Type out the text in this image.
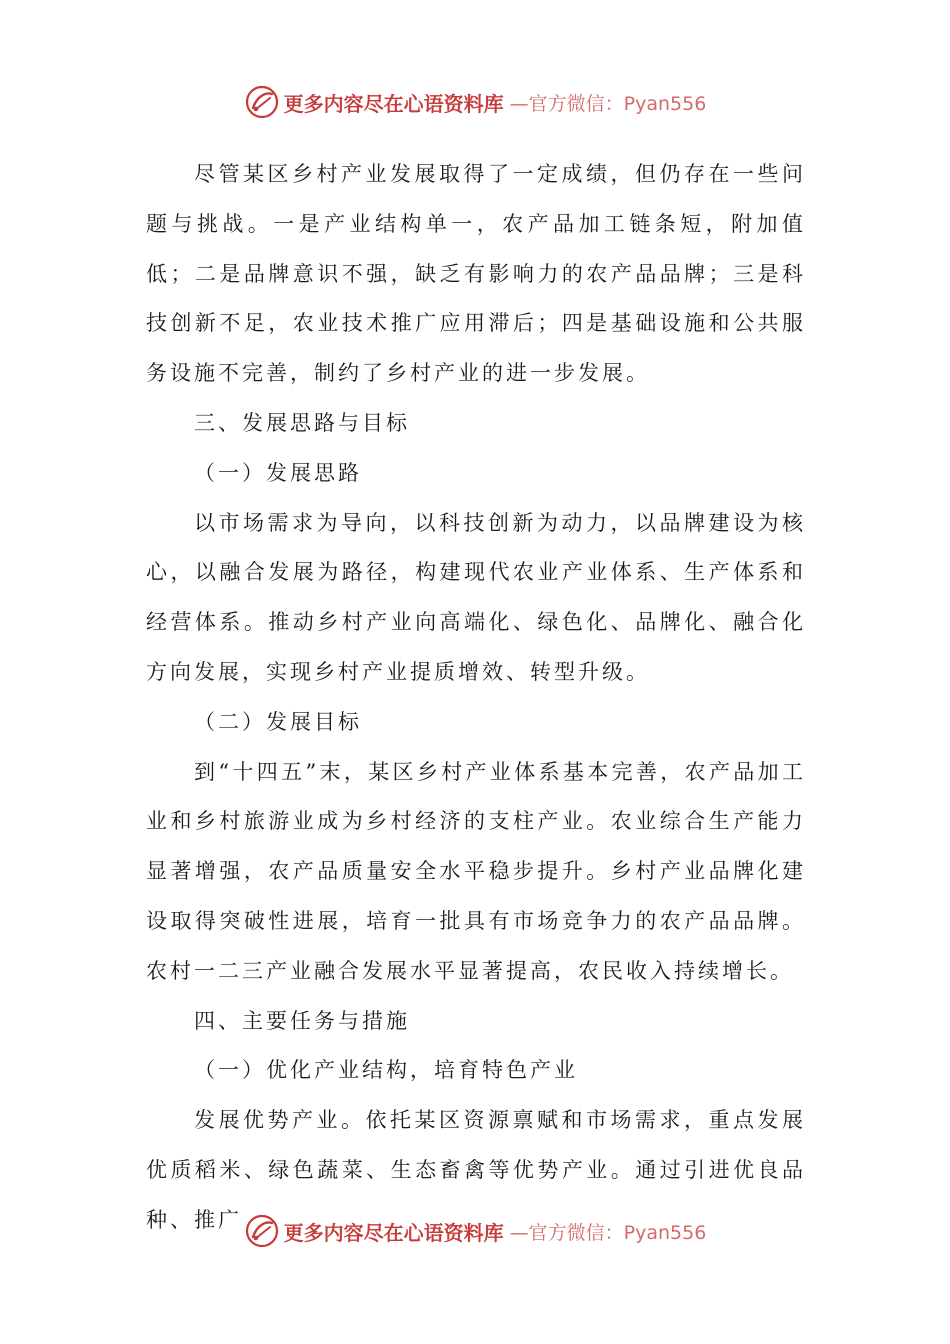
更多内容尽在心语资料库 —官方微信：Pyan556

尽管某区乡村产业发展取得了一定成绩，但仍存在一些问题与挑战。一是产业结构单一，农产品加工链条短，附加值低；二是品牌意识不强，缺乏有影响力的农产品品牌；三是科技创新不足，农业技术推广应用滞后；四是基础设施和公共服务设施不完善，制约了乡村产业的进一步发展。

三、发展思路与目标

（一）发展思路

以市场需求为导向，以科技创新为动力，以品牌建设为核心，以融合发展为路径，构建现代农业产业体系、生产体系和经营体系。推动乡村产业向高端化、绿色化、品牌化、融合化方向发展，实现乡村产业提质增效、转型升级。

（二）发展目标

到“十四五”末，某区乡村产业体系基本完善，农产品加工业和乡村旅游业成为乡村经济的支柱产业。农业综合生产能力显著增强，农产品质量安全水平稳步提升。乡村产业品牌化建设取得突破性进展，培育一批具有市场竞争力的农产品品牌。农村一二三产业融合发展水平显著提高，农民收入持续增长。

四、主要任务与措施

（一）优化产业结构，培育特色产业

发展优势产业。依托某区资源禀赋和市场需求，重点发展优质稻米、绿色蔬菜、生态畜禽等优势产业。通过引进优良品种、推广

更多内容尽在心语资料库 —官方微信：Pyan556
